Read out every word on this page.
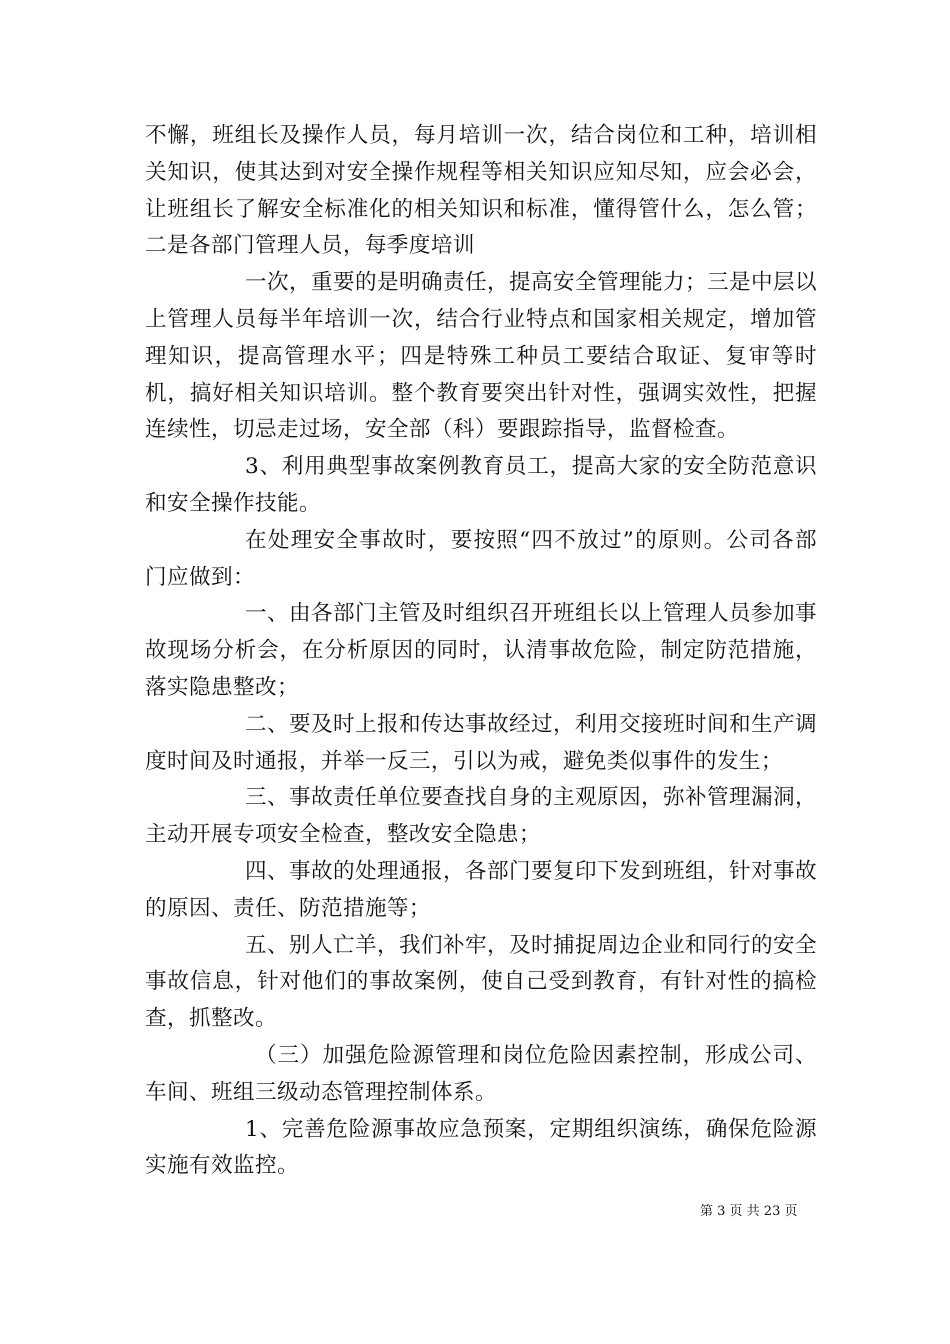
不懈，班组长及操作人员，每月培训一次，结合岗位和工种，培训相关知识，使其达到对安全操作规程等相关知识应知尽知，应会必会，让班组长了解安全标准化的相关知识和标准，懂得管什么，怎么管；二是各部门管理人员，每季度培训

一次，重要的是明确责任，提高安全管理能力；三是中层以上管理人员每半年培训一次，结合行业特点和国家相关规定，增加管理知识，提高管理水平；四是特殊工种员工要结合取证、复审等时机，搞好相关知识培训。整个教育要突出针对性，强调实效性，把握连续性，切忌走过场，安全部（科）要跟踪指导，监督检查。

3、利用典型事故案例教育员工，提高大家的安全防范意识和安全操作技能。

在处理安全事故时，要按照“四不放过”的原则。公司各部门应做到：

一、由各部门主管及时组织召开班组长以上管理人员参加事故现场分析会，在分析原因的同时，认清事故危险，制定防范措施，落实隐患整改；

二、要及时上报和传达事故经过，利用交接班时间和生产调度时间及时通报，并举一反三，引以为戒，避免类似事件的发生；

三、事故责任单位要查找自身的主观原因，弥补管理漏洞，主动开展专项安全检查，整改安全隐患；

四、事故的处理通报，各部门要复印下发到班组，针对事故的原因、责任、防范措施等；

五、别人亡羊，我们补牢，及时捕捉周边企业和同行的安全事故信息，针对他们的事故案例，使自己受到教育，有针对性的搞检查，抓整改。

（三）加强危险源管理和岗位危险因素控制，形成公司、车间、班组三级动态管理控制体系。

1、完善危险源事故应急预案，定期组织演练，确保危险源实施有效监控。

第 3 页 共 23 页
